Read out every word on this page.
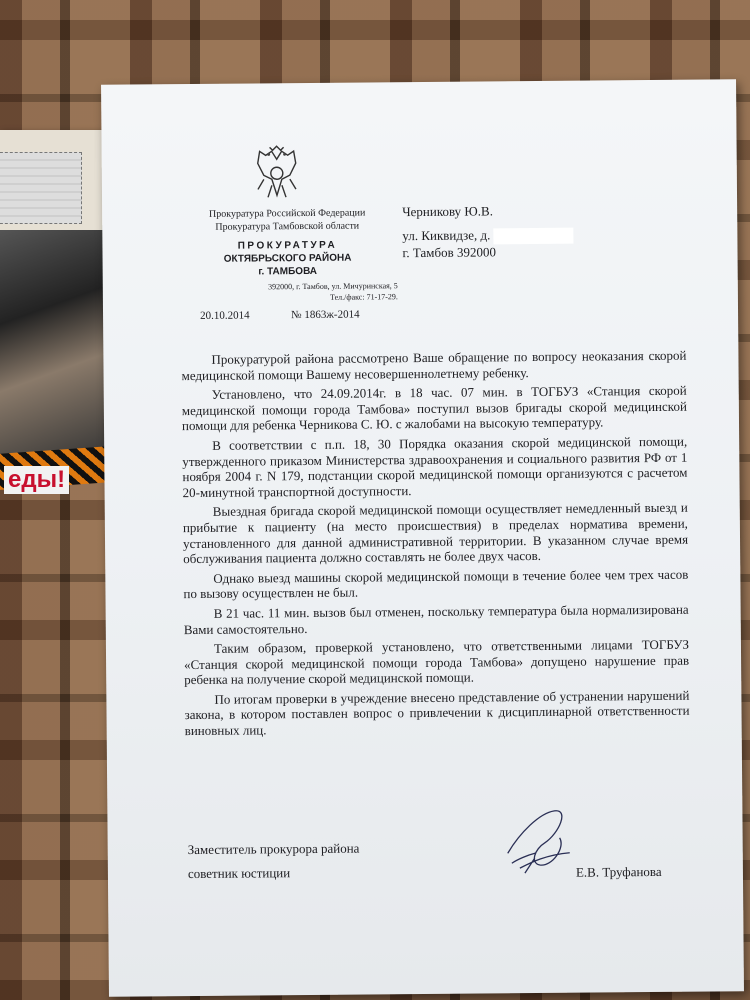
еды!
Прокуратура Российской Федерации
Прокуратура Тамбовской области
ПРОКУРАТУРА
ОКТЯБРЬСКОГО РАЙОНА
г. ТАМБОВА
392000, г. Тамбов, ул. Мичуринская, 5
Тел./факс: 71-17-29.
20.10.2014	№ 1863ж-2014
Черникову Ю.В.
ул. Киквидзе, д.
г. Тамбов 392000

Прокуратурой района рассмотрено Ваше обращение по вопросу неоказания скорой медицинской помощи Вашему несовершеннолетнему ребенку.

Установлено, что 24.09.2014г. в 18 час. 07 мин. в ТОГБУЗ «Станция скорой медицинской помощи города Тамбова» поступил вызов бригады скорой медицинской помощи для ребенка Черникова С. Ю. с жалобами на высокую температуру.

В соответствии с п.п. 18, 30 Порядка оказания скорой медицинской помощи, утвержденного приказом Министерства здравоохранения и социального развития РФ от 1 ноября 2004 г. N 179, подстанции скорой медицинской помощи организуются с расчетом 20-минутной транспортной доступности.

Выездная бригада скорой медицинской помощи осуществляет немедленный выезд и прибытие к пациенту (на место происшествия) в пределах норматива времени, установленного для данной административной территории. В указанном случае время обслуживания пациента должно составлять не более двух часов.

Однако выезд машины скорой медицинской помощи в течение более чем трех часов по вызову осуществлен не был.

В 21 час. 11 мин. вызов был отменен, поскольку температура была нормализирована Вами самостоятельно.

Таким образом, проверкой установлено, что ответственными лицами ТОГБУЗ «Станция скорой медицинской помощи города Тамбова» допущено нарушение прав ребенка на получение скорой медицинской помощи.

По итогам проверки в учреждение внесено представление об устранении нарушений закона, в котором поставлен вопрос о привлечении к дисциплинарной ответственности виновных лиц.

Заместитель прокурора района
советник юстиции	Е.В. Труфанова
